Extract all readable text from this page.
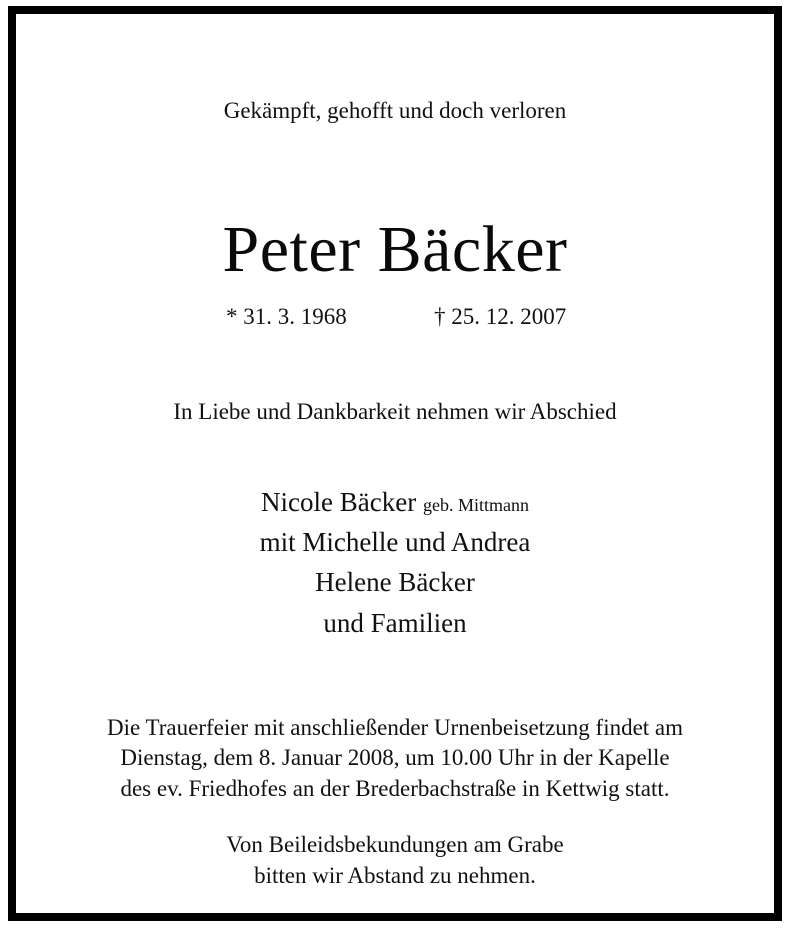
Gekämpft, gehofft und doch verloren
Peter Bäcker
* 31. 3. 1968	† 25. 12. 2007
In Liebe und Dankbarkeit nehmen wir Abschied
Nicole Bäcker geb. Mittmann
mit Michelle und Andrea
Helene Bäcker
und Familien
Die Trauerfeier mit anschließender Urnenbeisetzung findet am
Dienstag, dem 8. Januar 2008, um 10.00 Uhr in der Kapelle
des ev. Friedhofes an der Brederbachstraße in Kettwig statt.
Von Beileidsbekundungen am Grabe
bitten wir Abstand zu nehmen.
